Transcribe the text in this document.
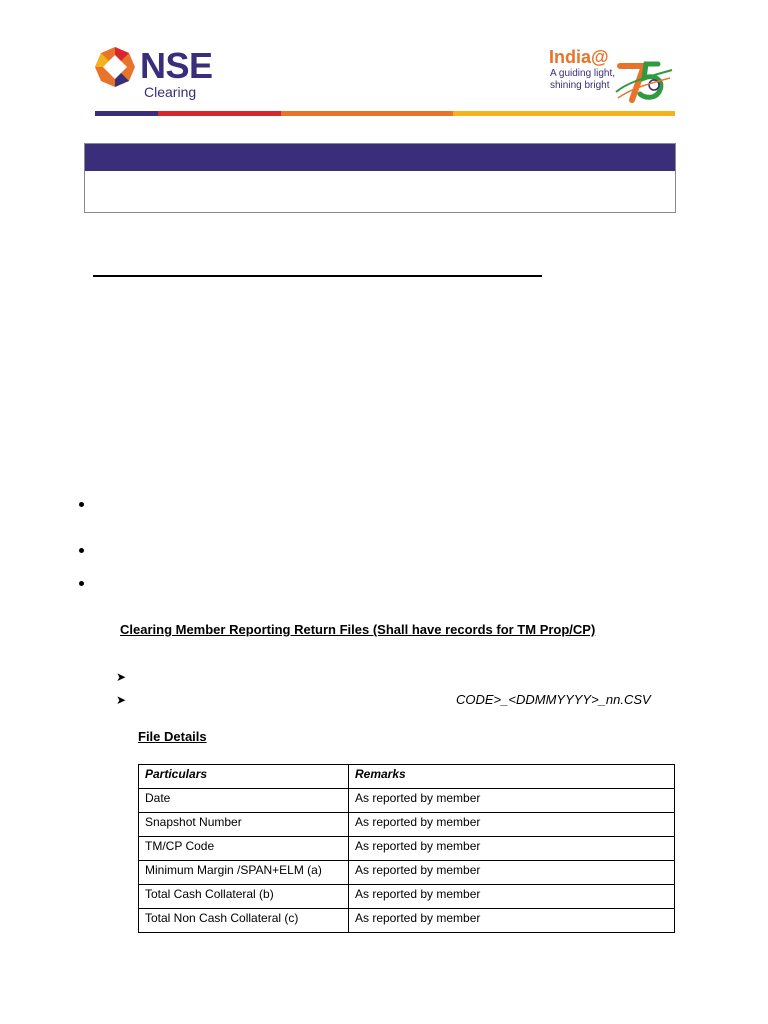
NSE
Clearing
India@
A guiding light,
shining bright
Clearing Member Reporting Return Files (Shall have records for TM Prop/CP)
➤
➤	CODE>_<DDMMYYYY>_nn.CSV
File Details
Particulars	Remarks
Date	As reported by member
Snapshot Number	As reported by member
TM/CP Code	As reported by member
Minimum Margin /SPAN+ELM (a)	As reported by member
Total Cash Collateral (b)	As reported by member
Total Non Cash Collateral (c)	As reported by member
